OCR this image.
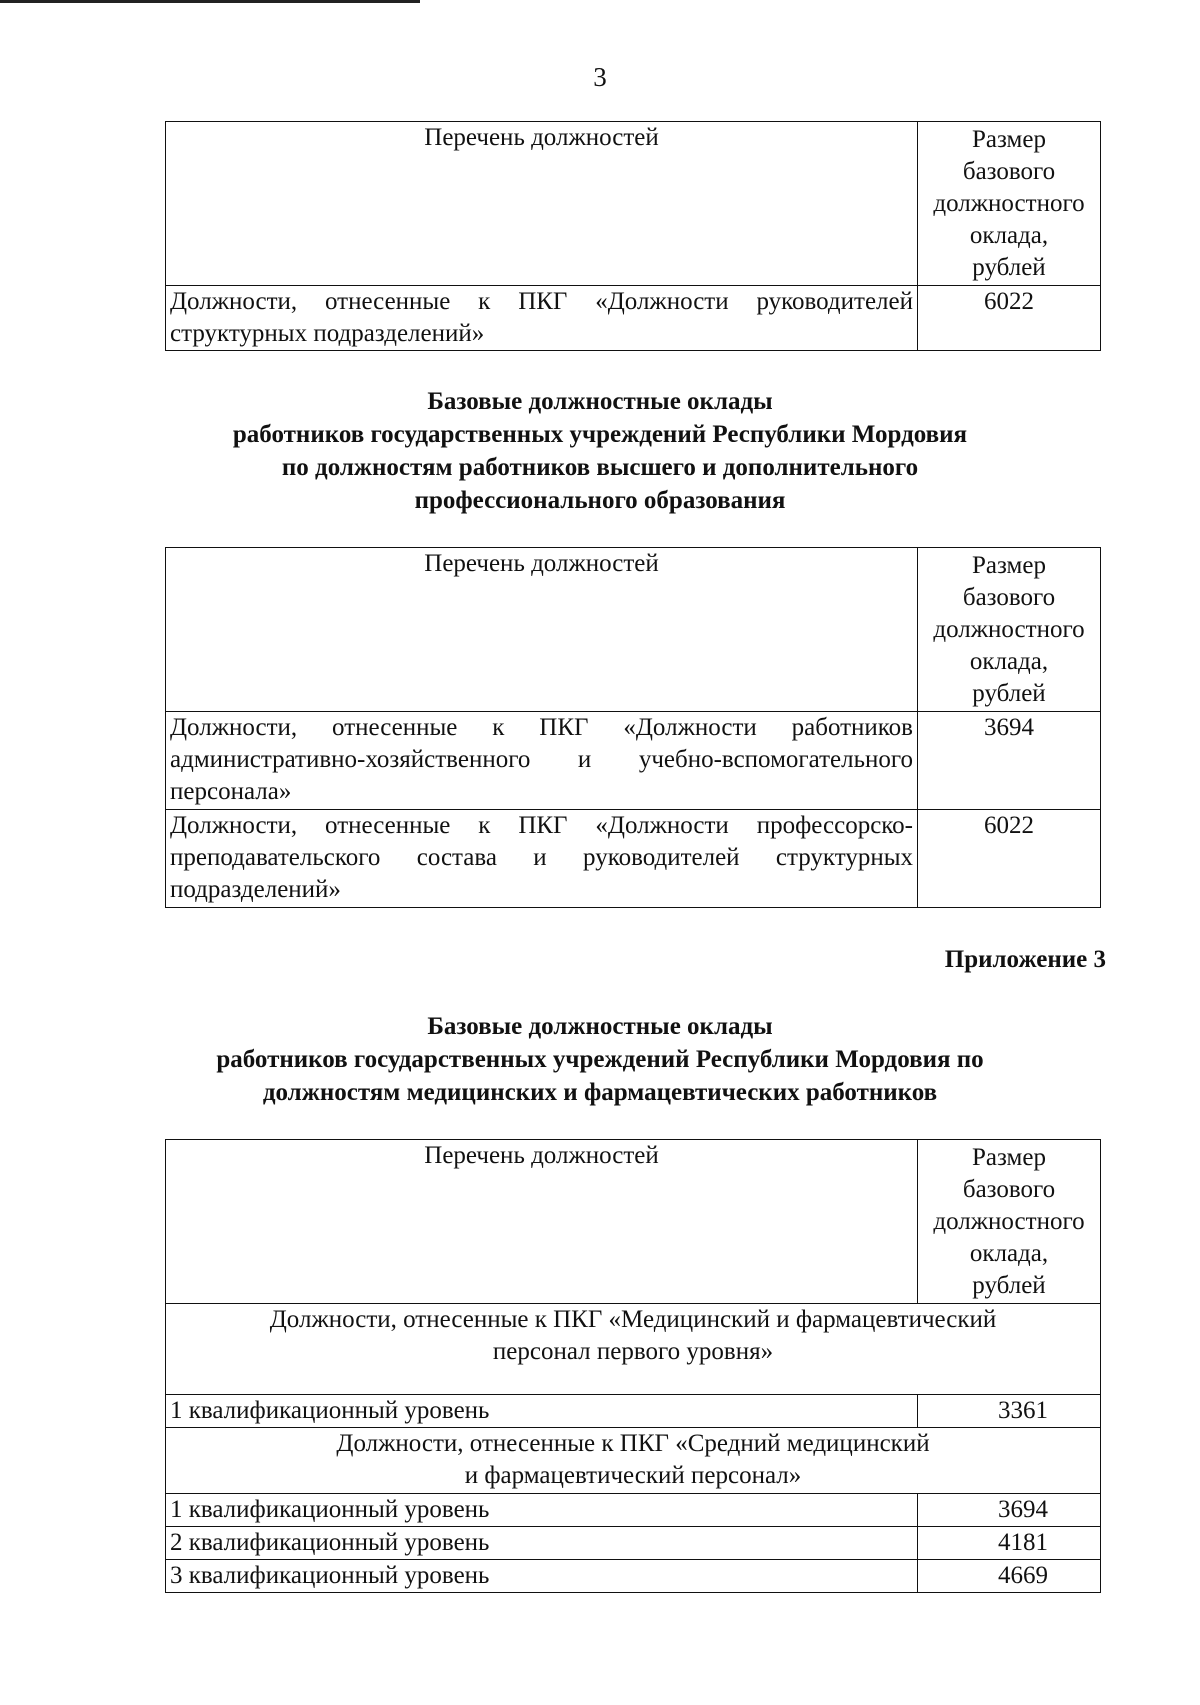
3
Перечень должностей	Размер
базового
должностного
оклада,
рублей

Должности, отнесенные к ПКГ «Должности руководителей структурных подразделений»	6022
Базовые должностные оклады
работников государственных учреждений Республики Мордовия
по должностям работников высшего и дополнительного
профессионального образования
Перечень должностей	Размер
базового
должностного
оклада,
рублей

Должности, отнесенные к ПКГ «Должности работников административно-хозяйственного и учебно-вспомогательного персонала»	3694
Должности, отнесенные к ПКГ «Должности профессорско-преподавательского состава и руководителей структурных подразделений»	6022
Приложение 3
Базовые должностные оклады
работников государственных учреждений Республики Мордовия по
должностям медицинских и фармацевтических работников
Перечень должностей	Размер
базового
должностного
оклада,
рублей

Должности, отнесенные к ПКГ «Медицинский и фармацевтический
персонал первого уровня»	

1 квалификационный уровень	3361

Должности, отнесенные к ПКГ «Средний медицинский
и фармацевтический персонал»	

1 квалификационный уровень	3694
2 квалификационный уровень	4181
3 квалификационный уровень	4669
